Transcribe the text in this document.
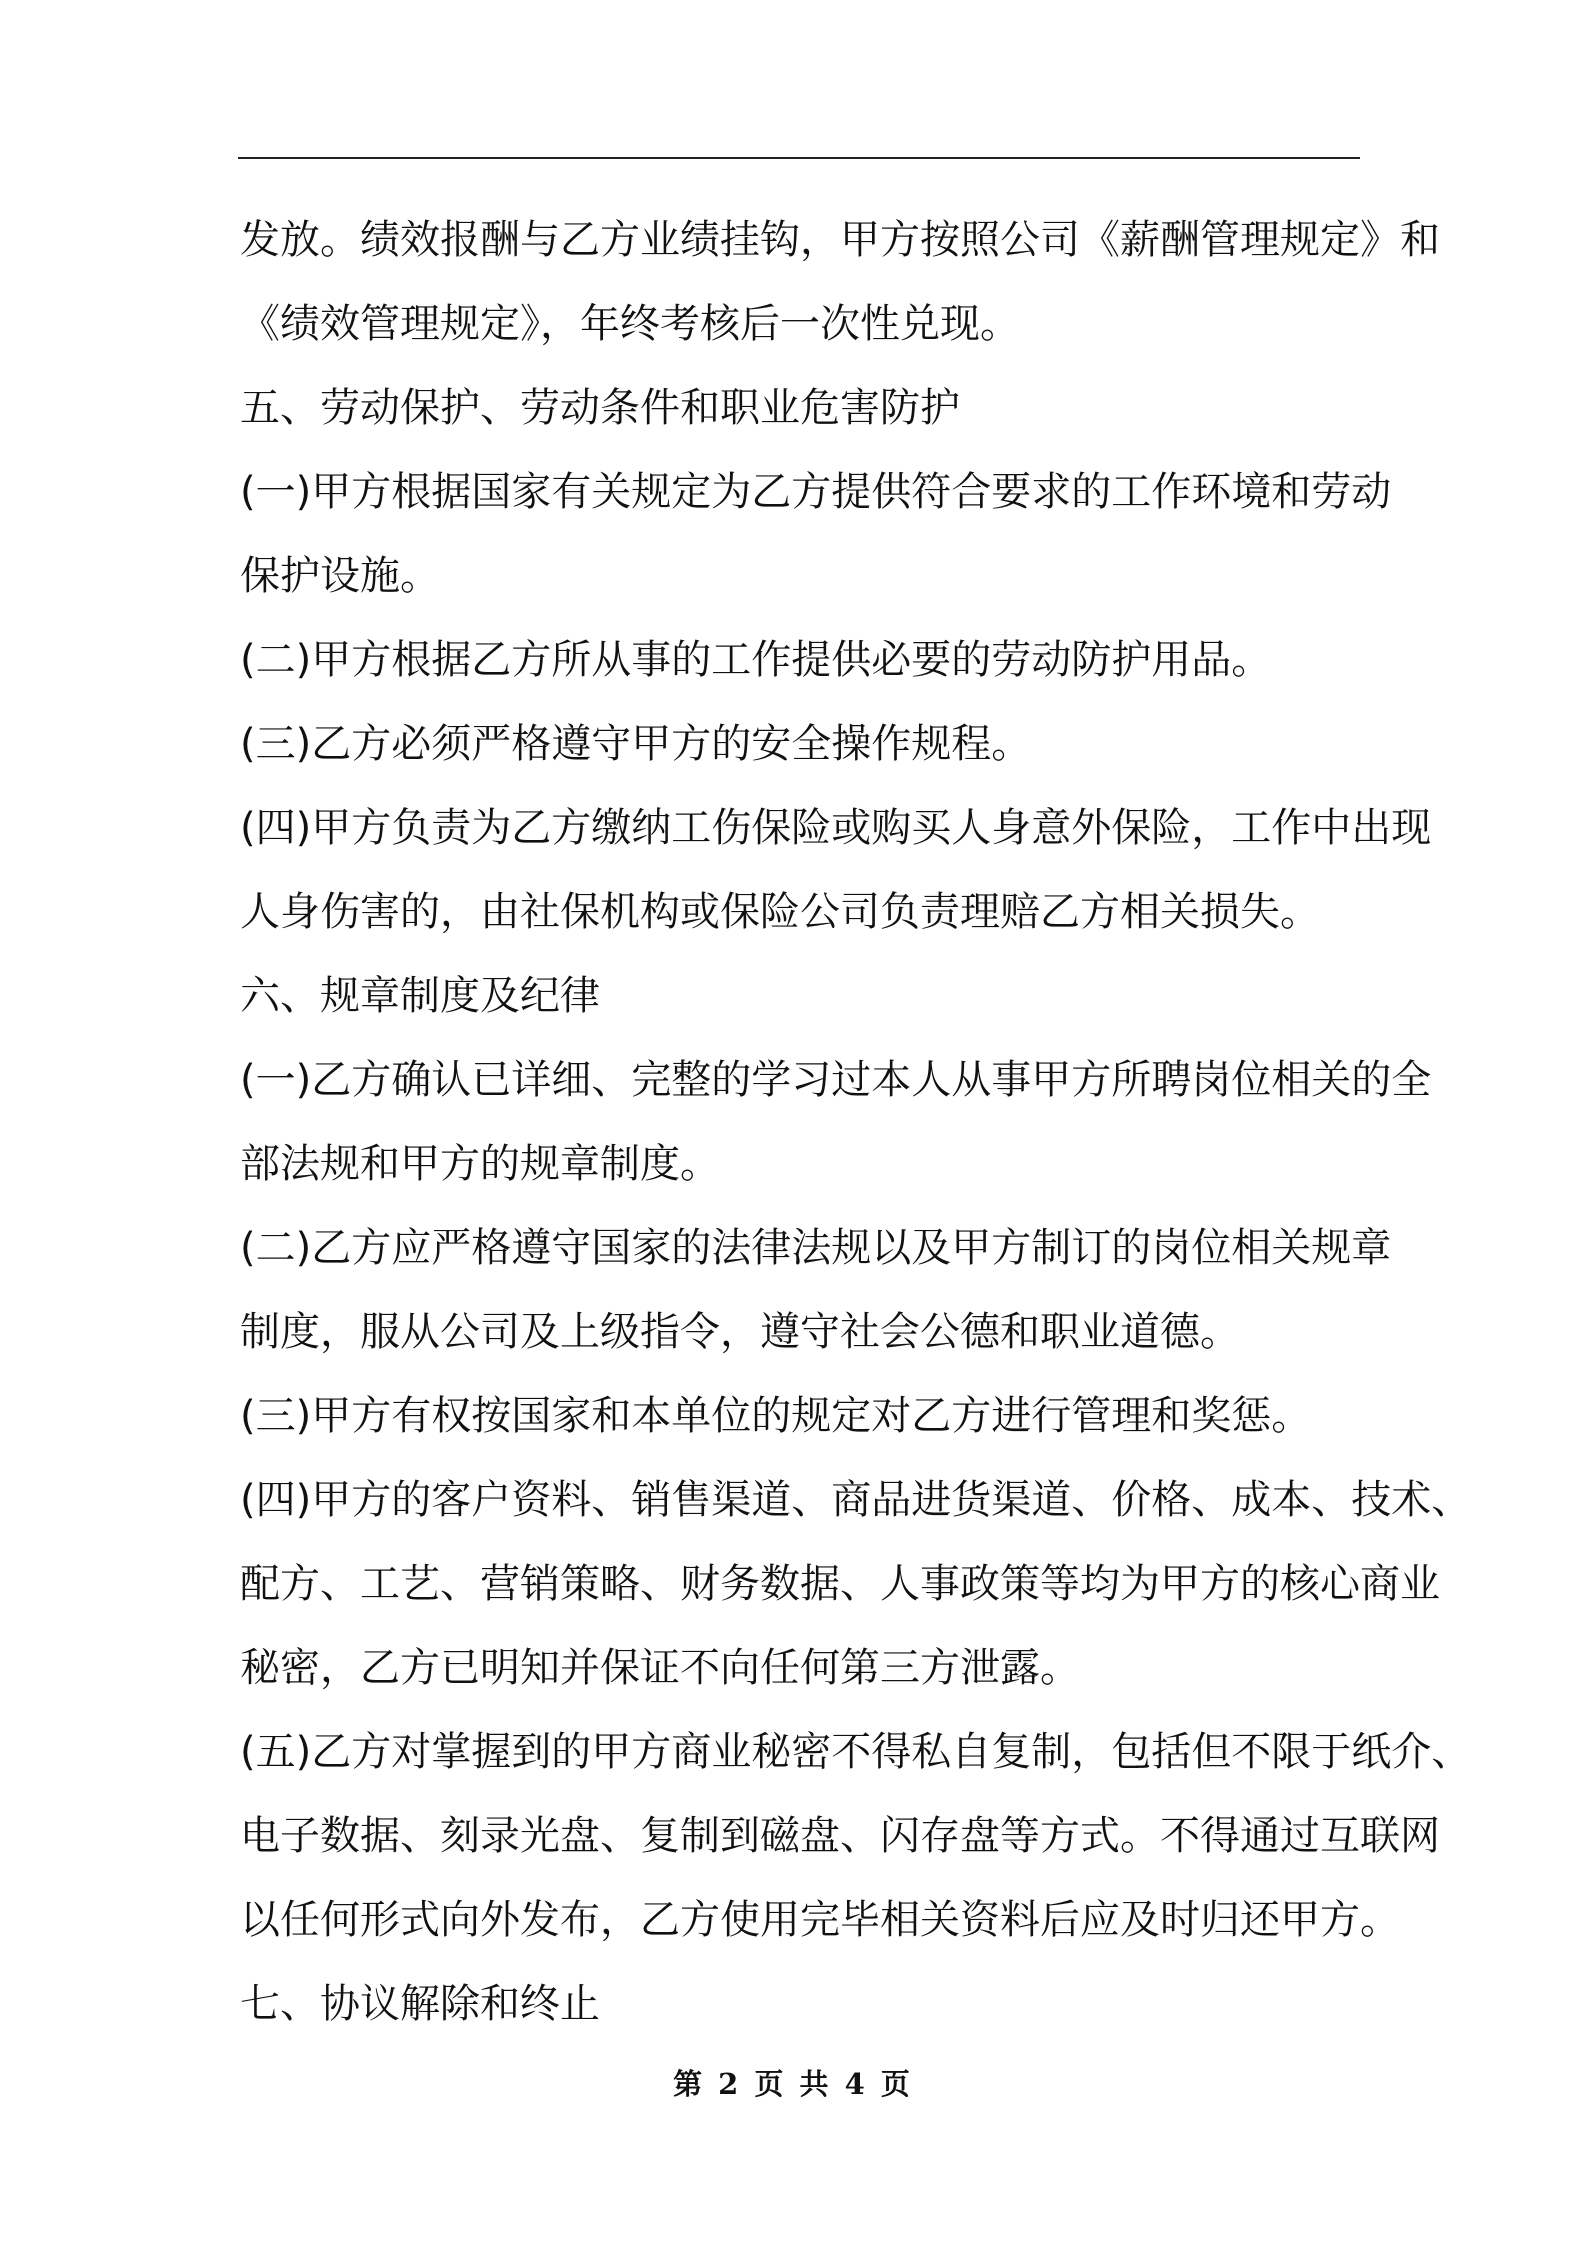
发放。绩效报酬与乙方业绩挂钩，甲方按照公司《薪酬管理规定》和
《绩效管理规定》，年终考核后一次性兑现。
五、劳动保护、劳动条件和职业危害防护
(一)甲方根据国家有关规定为乙方提供符合要求的工作环境和劳动
保护设施。
(二)甲方根据乙方所从事的工作提供必要的劳动防护用品。
(三)乙方必须严格遵守甲方的安全操作规程。
(四)甲方负责为乙方缴纳工伤保险或购买人身意外保险，工作中出现
人身伤害的，由社保机构或保险公司负责理赔乙方相关损失。
六、规章制度及纪律
(一)乙方确认已详细、完整的学习过本人从事甲方所聘岗位相关的全
部法规和甲方的规章制度。
(二)乙方应严格遵守国家的法律法规以及甲方制订的岗位相关规章
制度，服从公司及上级指令，遵守社会公德和职业道德。
(三)甲方有权按国家和本单位的规定对乙方进行管理和奖惩。
(四)甲方的客户资料、销售渠道、商品进货渠道、价格、成本、技术、
配方、工艺、营销策略、财务数据、人事政策等均为甲方的核心商业
秘密，乙方已明知并保证不向任何第三方泄露。
(五)乙方对掌握到的甲方商业秘密不得私自复制，包括但不限于纸介、
电子数据、刻录光盘、复制到磁盘、闪存盘等方式。不得通过互联网
以任何形式向外发布，乙方使用完毕相关资料后应及时归还甲方。
七、协议解除和终止
第 2 页 共 4 页
